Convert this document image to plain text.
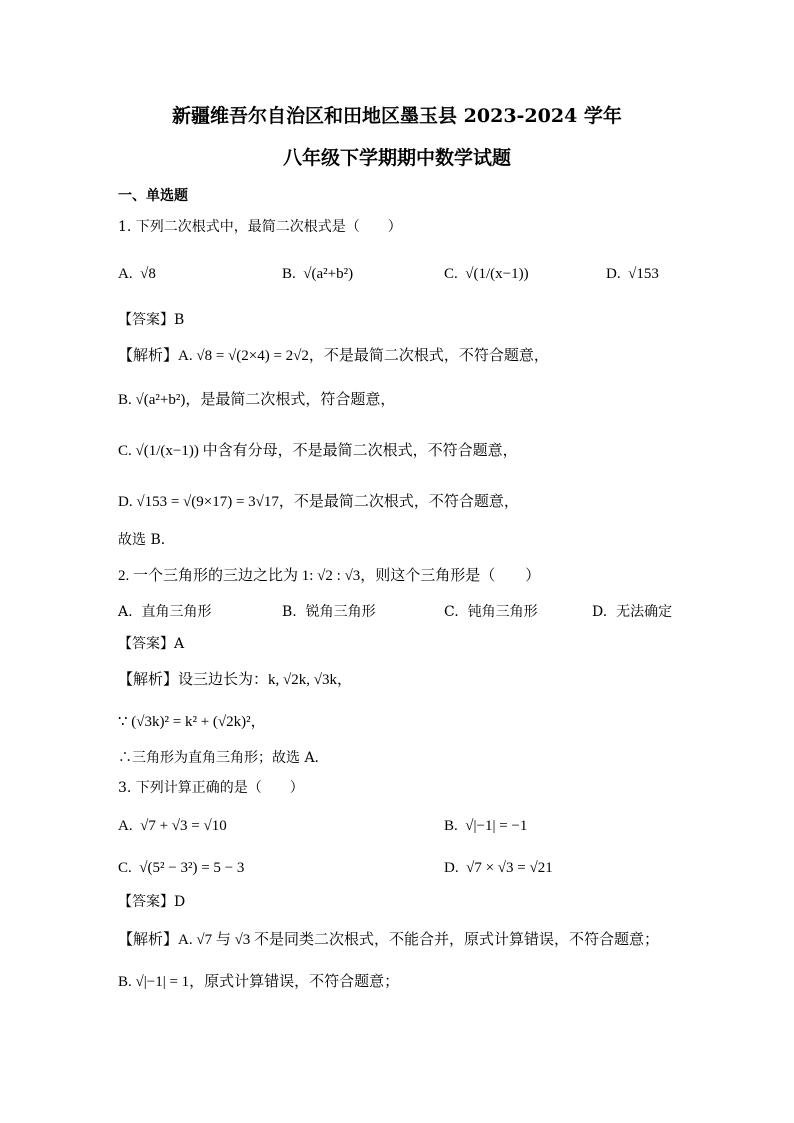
新疆维吾尔自治区和田地区墨玉县 2023-2024 学年
八年级下学期期中数学试题
一、单选题
1. 下列二次根式中，最简二次根式是（　　）
A. √8	B. √(a²+b²)	C. √(1/(x−1))	D. √153
【答案】B
【解析】A. √8 = √(2×4) = 2√2，不是最简二次根式，不符合题意，
B. √(a²+b²)，是最简二次根式，符合题意，
C. √(1/(x−1)) 中含有分母，不是最简二次根式，不符合题意，
D. √153 = √(9×17) = 3√17，不是最简二次根式，不符合题意，
故选 B．
2. 一个三角形的三边之比为 1: √2 : √3，则这个三角形是（　　）
A. 直角三角形	B. 锐角三角形	C. 钝角三角形	D. 无法确定
【答案】A
【解析】设三边长为：k, √2k, √3k，
∵ (√3k)² = k² + (√2k)²，
∴三角形为直角三角形；故选 A．
3. 下列计算正确的是（　　）
A. √7 + √3 = √10	B. √|−1| = −1
C. √(5² − 3²) = 5 − 3	D. √7 × √3 = √21
【答案】D
【解析】A. √7 与 √3 不是同类二次根式，不能合并，原式计算错误，不符合题意；
B. √|−1| = 1，原式计算错误，不符合题意；
